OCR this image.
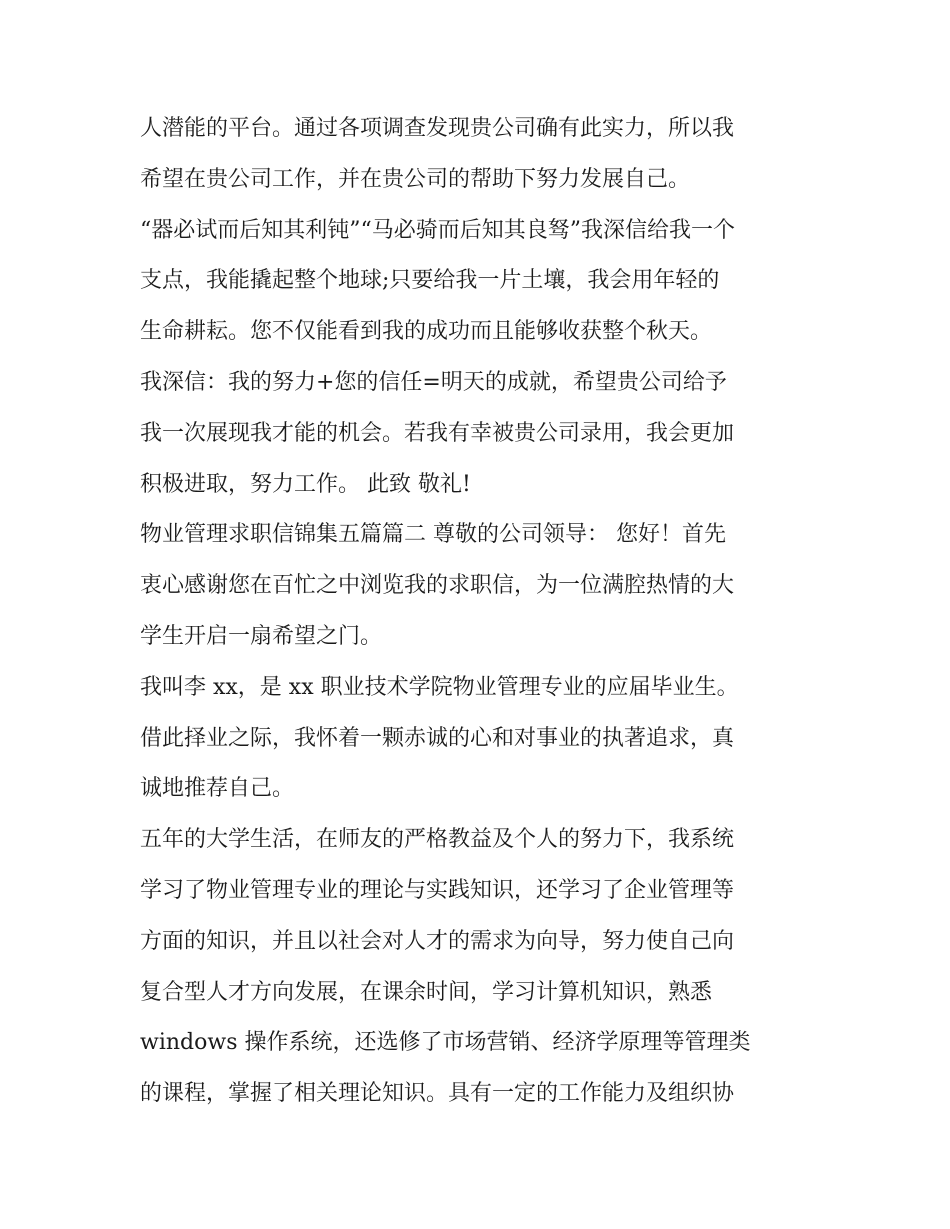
人潜能的平台。通过各项调查发现贵公司确有此实力，所以我
希望在贵公司工作，并在贵公司的帮助下努力发展自己。
“器必试而后知其利钝”“马必骑而后知其良驽”我深信给我一个
支点，我能撬起整个地球;只要给我一片土壤，我会用年轻的
生命耕耘。您不仅能看到我的成功而且能够收获整个秋天。
我深信：我的努力+您的信任=明天的成就，希望贵公司给予
我一次展现我才能的机会。若我有幸被贵公司录用，我会更加
积极进取，努力工作。 此致 敬礼!
物业管理求职信锦集五篇篇二 尊敬的公司领导： 您好！首先
衷心感谢您在百忙之中浏览我的求职信，为一位满腔热情的大
学生开启一扇希望之门。
我叫李 xx，是 xx 职业技术学院物业管理专业的应届毕业生。
借此择业之际，我怀着一颗赤诚的心和对事业的执著追求，真
诚地推荐自己。
五年的大学生活，在师友的严格教益及个人的努力下，我系统
学习了物业管理专业的理论与实践知识，还学习了企业管理等
方面的知识，并且以社会对人才的需求为向导，努力使自己向
复合型人才方向发展，在课余时间，学习计算机知识，熟悉
windows 操作系统，还选修了市场营销、经济学原理等管理类
的课程，掌握了相关理论知识。具有一定的工作能力及组织协
